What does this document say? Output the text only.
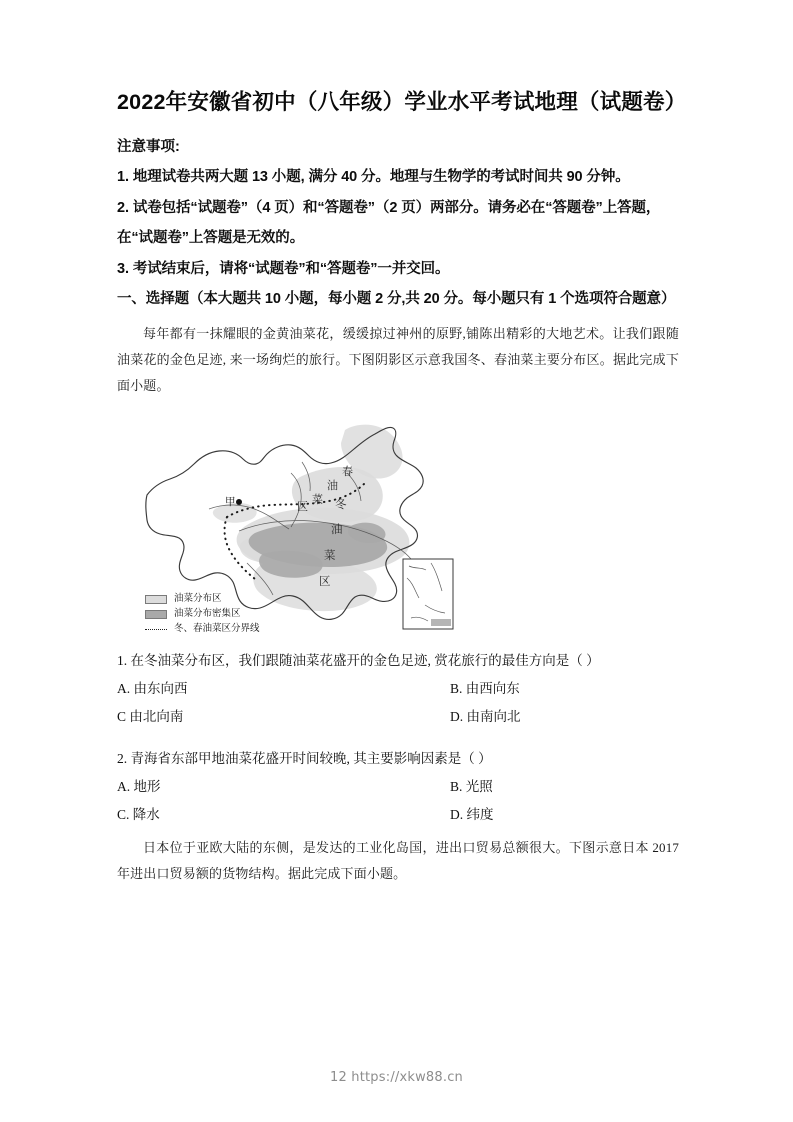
2022年安徽省初中（八年级）学业水平考试地理（试题卷）

注意事项:

1. 地理试卷共两大题 13 小题, 满分 40 分。地理与生物学的考试时间共 90 分钟。

2. 试卷包括“试题卷”（4 页）和“答题卷”（2 页）两部分。请务必在“答题卷”上答题，在“试题卷”上答题是无效的。

3. 考试结束后，请将“试题卷”和“答题卷”一并交回。

一、选择题（本大题共 10 小题，每小题 2 分,共 20 分。每小题只有 1 个选项符合题意）

每年都有一抹耀眼的金黄油菜花，缓缓掠过神州的原野,铺陈出精彩的大地艺术。让我们跟随油菜花的金色足迹, 来一场绚烂的旅行。下图阴影区示意我国冬、春油菜主要分布区。据此完成下面小题。

甲
春
油
菜
区 冬
油
菜
区
油菜分布区
油菜分布密集区
冬、春油菜区分界线

1. 在冬油菜分布区，我们跟随油菜花盛开的金色足迹, 赏花旅行的最佳方向是（ ）

A. 由东向西	B. 由西向东
C 由北向南	D. 由南向北

2. 青海省东部甲地油菜花盛开时间较晚, 其主要影响因素是（ ）

A. 地形	B. 光照
C. 降水	D. 纬度

日本位于亚欧大陆的东侧，是发达的工业化岛国，进出口贸易总额很大。下图示意日本 2017 年进出口贸易额的货物结构。据此完成下面小题。

12 https://xkw88.cn
